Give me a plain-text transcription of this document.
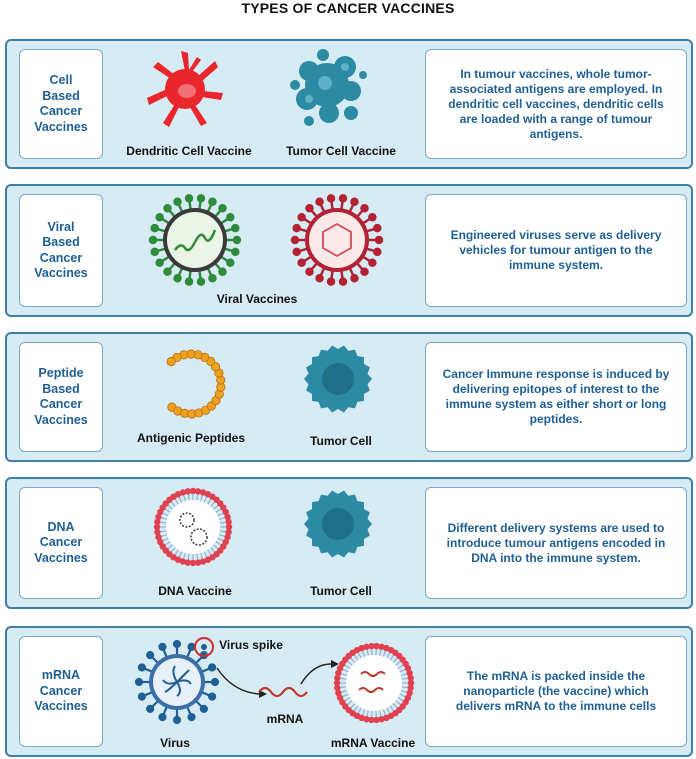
TYPES OF CANCER VACCINES
Cell
Based
Cancer
Vaccines
Dendritic Cell Vaccine	Tumor Cell Vaccine
In tumour vaccines, whole tumor-associated antigens are employed. In dendritic cell vaccines, dendritic cells are loaded with a range of tumour antigens.
Viral
Based
Cancer
Vaccines
Viral Vaccines
Engineered viruses serve as delivery vehicles for tumour antigen to the immune system.
Peptide
Based
Cancer
Vaccines
Antigenic Peptides	Tumor Cell
Cancer Immune response is induced by delivering epitopes of interest to the immune system as either short or long peptides.
DNA
Cancer
Vaccines
DNA Vaccine	Tumor Cell
Different delivery systems are used to introduce tumour antigens encoded in DNA into the immune system.
mRNA
Cancer
Vaccines
Virus spike
mRNA
Virus	mRNA Vaccine
The mRNA is packed inside the nanoparticle (the vaccine) which delivers mRNA to the immune cells
